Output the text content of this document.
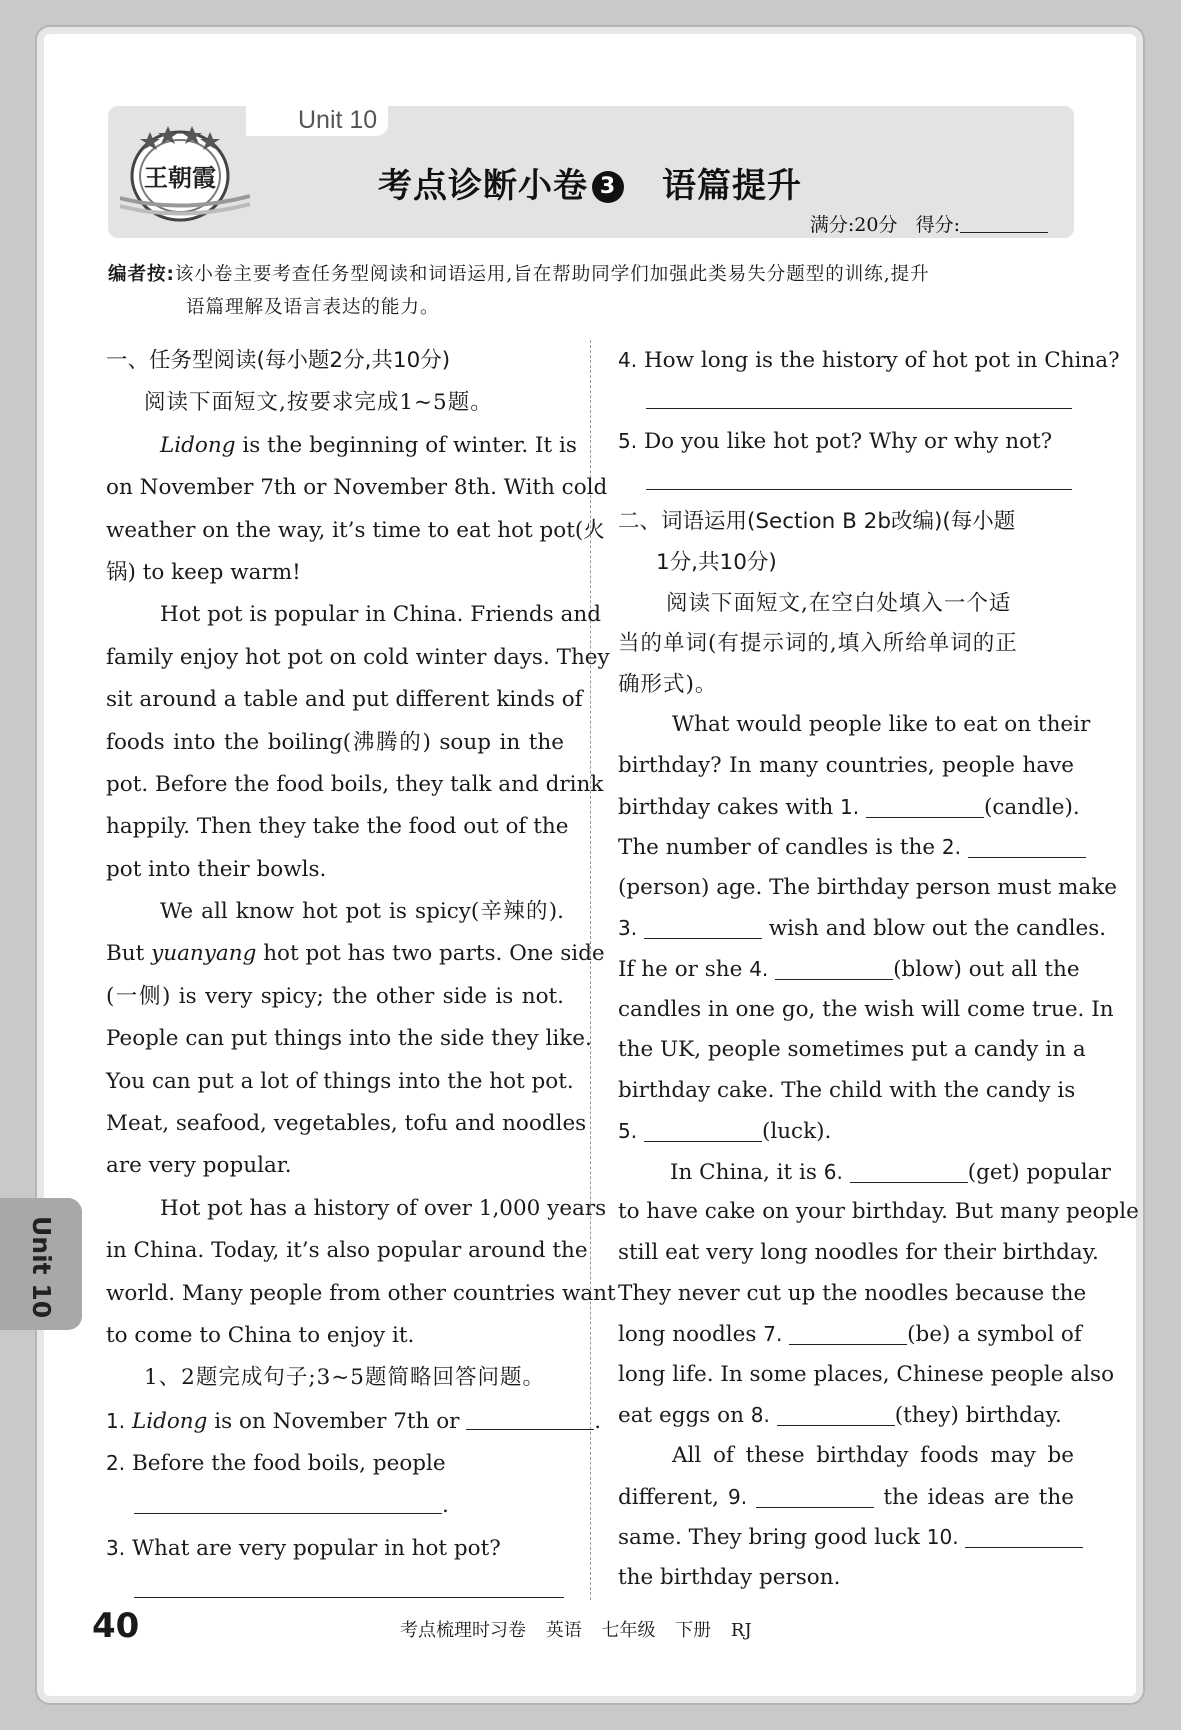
Unit 10
考点诊断小卷 3 语篇提升
满分:20分 得分:
王朝霞
编者按:该小卷主要考查任务型阅读和词语运用,旨在帮助同学们加强此类易失分题型的训练,提升
语篇理解及语言表达的能力。
一、任务型阅读(每小题2分,共10分)
阅读下面短文,按要求完成1~5题。
Lidong is the beginning of winter. It is
on November 7th or November 8th. With cold
weather on the way, it’s time to eat hot pot(火
锅) to keep warm!
Hot pot is popular in China. Friends and
family enjoy hot pot on cold winter days. They
sit around a table and put different kinds of
foods into the boiling(沸腾的) soup in the
pot. Before the food boils, they talk and drink
happily. Then they take the food out of the
pot into their bowls.
We all know hot pot is spicy(辛辣的).
But yuanyang hot pot has two parts. One side
(一侧) is very spicy; the other side is not.
People can put things into the side they like.
You can put a lot of things into the hot pot.
Meat, seafood, vegetables, tofu and noodles
are very popular.
Hot pot has a history of over 1,000 years
in China. Today, it’s also popular around the
world. Many people from other countries want
to come to China to enjoy it.
1、2题完成句子;3~5题简略回答问题。
1. Lidong is on November 7th or	.
2. Before the food boils, people
.
3. What are very popular in hot pot?
4. How long is the history of hot pot in China?
5. Do you like hot pot? Why or why not?
二、词语运用(Section B 2b改编)(每小题
1分,共10分)
阅读下面短文,在空白处填入一个适
当的单词(有提示词的,填入所给单词的正
确形式)。
What would people like to eat on their
birthday? In many countries, people have
birthday cakes with 1.	(candle).
The number of candles is the 2.
(person) age. The birthday person must make
3.	wish and blow out the candles.
If he or she 4.	(blow) out all the
candles in one go, the wish will come true. In
the UK, people sometimes put a candy in a
birthday cake. The child with the candy is
5.	(luck).
In China, it is 6.	(get) popular
to have cake on your birthday. But many people
still eat very long noodles for their birthday.
They never cut up the noodles because the
long noodles 7.	(be) a symbol of
long life. In some places, Chinese people also
eat eggs on 8.	(they) birthday.
All of these birthday foods may be
different, 9.	the ideas are the
same. They bring good luck 10.
the birthday person.
Unit 10
40	考点梳理时习卷 英语 七年级 下册 RJ
